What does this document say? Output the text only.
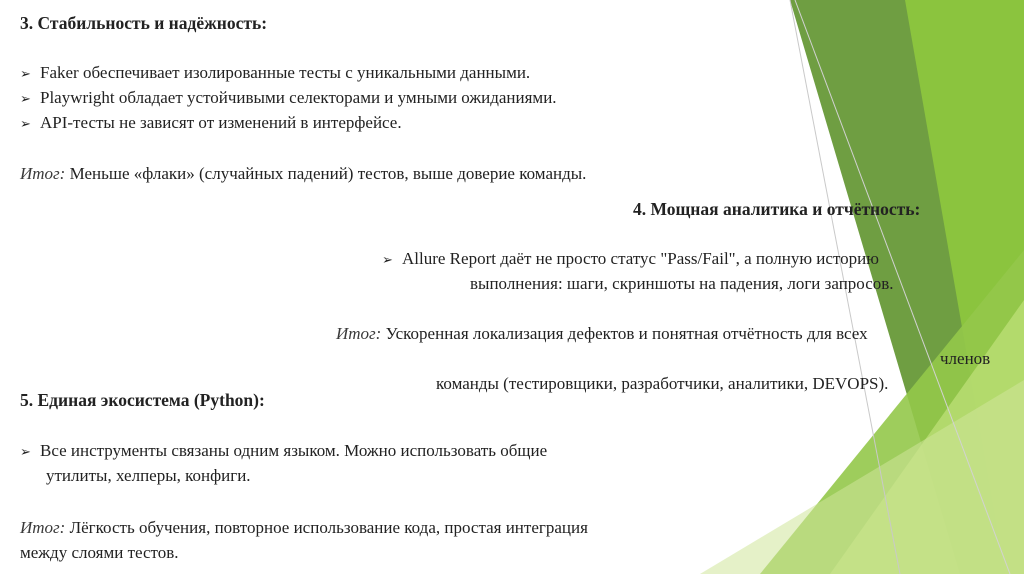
3. Стабильность и надёжность:
➢ Faker обеспечивает изолированные тесты с уникальными данными.
➢ Playwright обладает устойчивыми селекторами и умными ожиданиями.
➢ API-тесты не зависят от изменений в интерфейсе.
Итог: Меньше «флаки» (случайных падений) тестов, выше доверие команды.
4. Мощная аналитика и отчётность:
➢ Allure Report даёт не просто статус "Pass/Fail", а полную историю
выполнения: шаги, скриншоты на падения, логи запросов.
Итог: Ускоренная локализация дефектов и понятная отчётность для всех
членов
команды (тестировщики, разработчики, аналитики, DEVOPS).
5. Единая экосистема (Python):
➢ Все инструменты связаны одним языком. Можно использовать общие
утилиты, хелперы, конфиги.
Итог: Лёгкость обучения, повторное использование кода, простая интеграция
между слоями тестов.
